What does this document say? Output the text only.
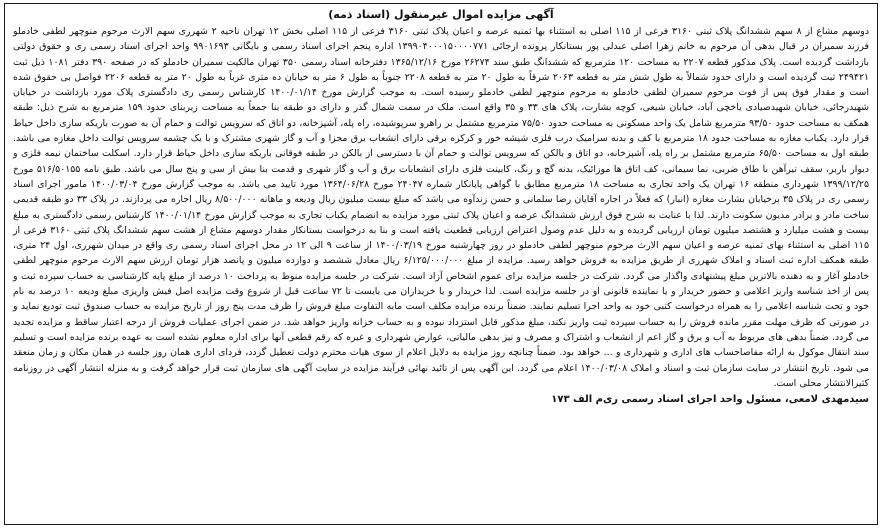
آگهی مزایده اموال غیرمنقول (اسناد ذمه)

دوسهم مشاع از ۸ سهم ششدانگ پلاک ثبتی ۳۱۶۰ فرعی از ۱۱۵ اصلی به استثناء بها ثمنیه عرصه و اعیان پلاک ثبتی ۳۱۶۰ فرعی از ۱۱۵ اصلی بخش ۱۲ تهران ناحیه ۲ شهرری سهم الارث مرحوم منوچهر لطفی خادملو فرزند سمیران در قبال بدهی آن مرحوم به خانم زهرا اصلی عبدلی پور بستانکار پرونده ارجائی ۱۳۹۹۰۴۰۰۰۱۵۰۰۰۰۷۷۱ اداره پنجم اجرای اسناد رسمی و بایگانی ۹۹۰۱۶۹۳ واحد اجرای اسناد رسمی ری و حقوق دولتی بازداشت گردیده است. پلاک مذکور قطعه ۲۲۰۷ به مساحت ۱۲۰ مترمربع که ششدانگ طبق سند ۲۶۲۷۴ مورخ ۱۳۶۵/۱۲/۱۶ دفترخانه اسناد رسمی ۳۵۰ تهران مالکیت سمیران خادملو که در صفحه ۳۹۰ دفتر ۱۰۸۱ ذیل ثبت ۲۴۹۴۲۱ ثبت گردیده است و دارای حدود شمالاً به طول شش متر به قطعه ۲۰۶۳ شرقاً به طول ۲۰ متر به قطعه ۲۲۰۸ جنوباً به طول ۶ متر به خیابان ده متری غرباً به طول ۲۰ متر به قطعه ۲۲۰۶ فواصل بی حقوق شده است و مقدار فوق پس از فوت مرحوم سمیران لطفی خادملو به مرحوم منوچهر لطفی خادملو رسیده است. به موجب گزارش مورخ ۱۴۰۰/۰۱/۱۴ کارشناس رسمی ری دادگستری پلاک مورد بازداشت در خیابان شهیدرجائی، خیابان شهیدصیادی یاخچی آباد، خیابان شیعی، کوچه بشارت، پلاک های ۳۳ و ۳۵ واقع است. ملک در سمت شمال گذر و دارای دو طبقه بنا جمعاً به مساحت زیربنای حدود ۱۵۹ مترمربع به شرح ذیل: طبقه همکف به مساحت حدود ۹۳/۵۰ مترمربع شامل یک واحد مسکونی به مساحت حدود ۷۵/۵۰ مترمربع مشتمل بر راهرو سرپوشیده، راه پله، آشپزخانه، دو اتاق که سرویس توالت و حمام آن به صورت باریکه سازی داخل حیاط قرار دارد. یکباب مغازه به مساحت حدود ۱۸ مترمربع با کف و بدنه سرامیک درب فلزی شیشه خور و کرکره برقی دارای انشعاب برق مجزا و آب و گاز شهری مشترک و با یک چشمه سرویس توالت داخل مغازه می باشد. طبقه اول به مساحت ۶۵/۵۰ مترمربع مشتمل بر راه پله، آشپزخانه، دو اتاق و بالکن که سرویس توالت و حمام آن با دسترسی از بالکن در طبقه فوقانی باریکه سازی داخل حیاط قرار دارد. اسکلت ساختمان نیمه فلزی و دیوار باربر، سقف تیرآهن با طاق ضربی، نما سیمانی، کف اتاق ها موزائیک، بدنه گچ و رنگ، کابینت فلزی دارای انشعابات برق و آب و گاز شهری و قدمت بنا بیش از سی و پنج سال می باشد. طبق نامه ۵۱۶/۵۰۱۵۵ مورخ ۱۳۹۹/۱۲/۲۵ شهرداری منطقه ۱۶ تهران یک واحد تجاری به مساحت ۱۸ مترمربع مطابق با گواهی پایانکار شماره ۲۴۰۴۷ مورخ ۱۳۶۴/۰۶/۲۸ مورد تایید می باشد. به موجب گزارش مورخ ۱۴۰۰/۰۳/۰۴ مامور اجرای اسناد رسمی ری در پلاک ۳۵ برخیابان بشارت مغازه (انبار) که فعلاً در اجاره آقایان رضا سلمانی و حسن زندآوه می باشد که مبلغ بیست میلیون ریال ودیعه و ماهانه ۸/۵۰۰/۰۰۰ ریال اجاره می پردازند. در پلاک ۳۳ دو طبقه قدیمی ساخت مادر و برادر مدیون سکونت دارند. لذا با عنایت به شرح فوق ارزش ششدانگ عرصه و اعیان پلاک ثبتی مورد مزایده به انضمام یکباب تجاری به موجب گزارش مورخ ۱۴۰۰/۰۱/۱۴ کارشناس رسمی دادگستری به مبلغ بیست و هشت میلیارد و هشتصد میلیون تومان ارزیابی گردیده و به دلیل عدم وصول اعتراض ارزیابی قطعیت یافته است و بنا به درخواست بستانکار مقدار دوسهم مشاع از هشت سهم ششدانگ پلاک ثبتی ۳۱۶۰ فرعی از ۱۱۵ اصلی به استثناء بهای ثمنیه عرصه و اعیان سهم الارث مرحوم منوچهر لطفی خادملو در روز چهارشنبه مورخ ۱۴۰۰/۰۳/۱۹ از ساعت ۹ الی ۱۲ در محل اجرای اسناد رسمی ری واقع در میدان شهرری، اول ۲۴ متری، طبقه همکف اداره ثبت اسناد و املاک شهرری از طریق مزایده به فروش خواهد رسید. مزایده از مبلغ ۶/۱۲۵/۰۰۰/۰۰۰ ریال معادل ششصد و دوازده میلیون و پانصد هزار تومان ارزش سهم الارث مرحوم منوچهر لطفی خادملو آغاز و به دهنده بالاترین مبلغ پیشنهادی واگذار می گردد. شرکت در جلسه مزایده برای عموم اشخاص آزاد است. شرکت در جلسه مزایده منوط به پرداخت ۱۰ درصد از مبلغ پایه کارشناسی به حساب سپرده ثبت و پس از اخذ شناسه واریز اعلامی و حضور خریدار و یا نماینده قانونی او در جلسه مزایده است. لذا خریدار و یا خریداران می بایست تا ۷۲ ساعت قبل از شروع وقت مزایده اصل فیش واریزی مبلغ ودیعه ۱۰ درصد به نام خود و تحت شناسه اعلامی را به همراه درخواست کتبی خود به واحد اجرا تسلیم نمایند. ضمناً برنده مزایده مکلف است مابه التفاوت مبلغ فروش را ظرف مدت پنج روز از تاریخ مزایده به حساب صندوق ثبت تودیع نماید و در صورتی که ظرف مهلت مقرر مانده فروش را به حساب سپرده ثبت واریز نکند، مبلغ مذکور قابل استرداد نبوده و به حساب خزانه واریز خواهد شد. در ضمن اجرای عملیات فروش از درجه اعتبار ساقط و مزایده تجدید می گردد. ضمناً بدهی های مربوط به آب و برق و گاز اعم از انشعاب و اشتراک و مصرف و نیز بدهی مالیاتی، عوارض شهرداری و غیره که رقم قطعی آنها برای اداره معلوم نشده است به عهده برنده مزایده است و تسلیم سند انتقال موکول به ارائه مفاصاحساب های اداری و شهرداری و ... خواهد بود. ضمناً چنانچه روز مزایده به دلایل اعلام از سوی هیات محترم دولت تعطیل گردد، فردای اداری همان روز جلسه در همان مکان و زمان منعقد می شود. تاریخ انتشار در سایت سازمان ثبت و اسناد و املاک ۱۴۰۰/۰۳/۰۸ اعلام می گردد. این آگهی پس از تائید نهائی فرآیند مزایده در سایت آگهی های سازمان ثبت قرار خواهد گرفت و به منزله انتشار آگهی در روزنامه کثیرالانتشار محلی است.

سیدمهدی لامعی، مسئول واحد اجرای اسناد رسمی ری
م الف ۱۷۳
